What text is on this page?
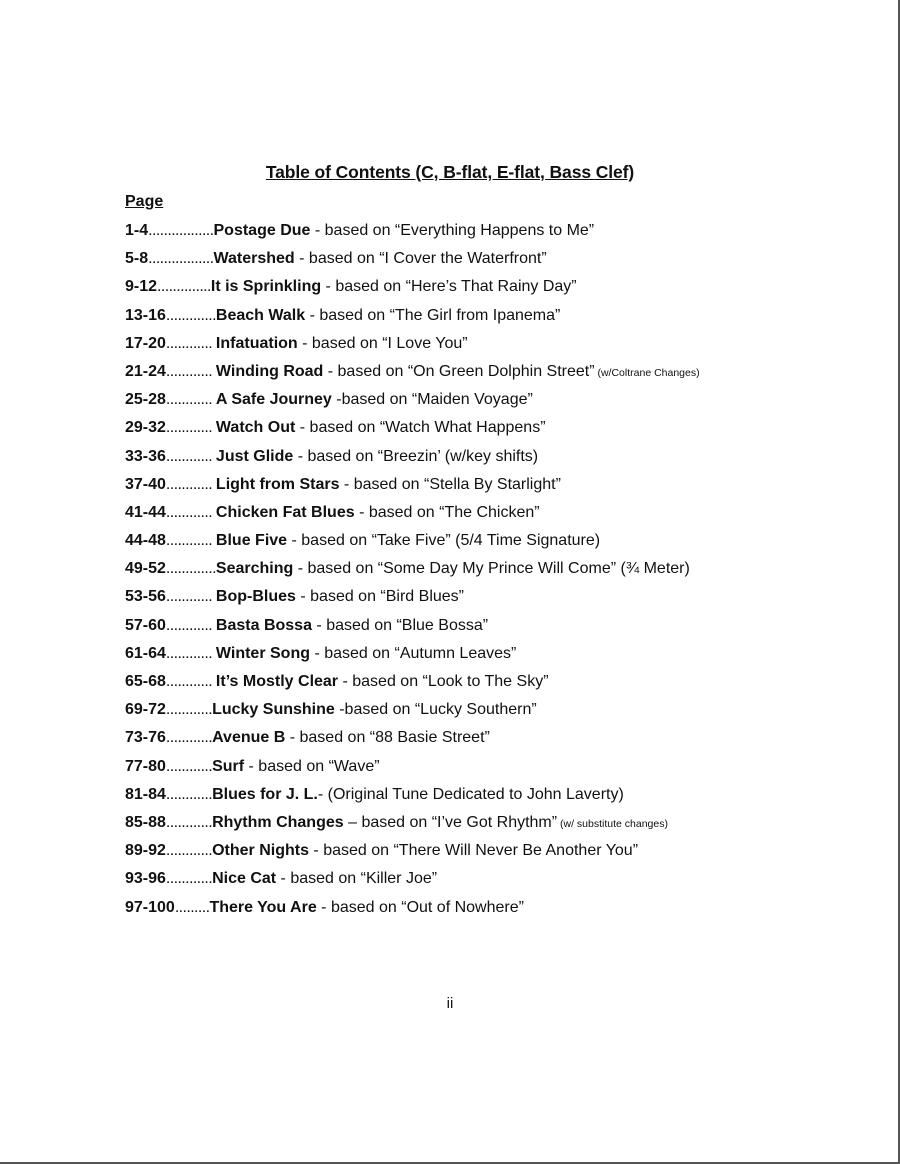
Table of Contents (C, B-flat, E-flat, Bass Clef)
Page
1-4.................Postage Due - based on “Everything Happens to Me”
5-8.................Watershed - based on “I Cover the Waterfront”
9-12..............It is Sprinkling - based on “Here’s That Rainy Day”
13-16.............Beach Walk - based on “The Girl from Ipanema”
17-20............ Infatuation - based on “I Love You”
21-24............ Winding Road - based on “On Green Dolphin Street” (w/Coltrane Changes)
25-28............ A Safe Journey -based on “Maiden Voyage”
29-32............ Watch Out - based on “Watch What Happens”
33-36............ Just Glide - based on “Breezin’ (w/key shifts)
37-40............ Light from Stars - based on “Stella By Starlight”
41-44............ Chicken Fat Blues - based on “The Chicken”
44-48............ Blue Five - based on “Take Five” (5/4 Time Signature)
49-52.............Searching - based on “Some Day My Prince Will Come” (¾ Meter)
53-56............ Bop-Blues - based on “Bird Blues”
57-60............ Basta Bossa - based on “Blue Bossa”
61-64............ Winter Song - based on “Autumn Leaves”
65-68............ It’s Mostly Clear - based on “Look to The Sky”
69-72............Lucky Sunshine -based on “Lucky Southern”
73-76............Avenue B - based on “88 Basie Street”
77-80............Surf - based on “Wave”
81-84............Blues for J. L.- (Original Tune Dedicated to John Laverty)
85-88............Rhythm Changes – based on “I’ve Got Rhythm” (w/ substitute changes)
89-92............Other Nights - based on “There Will Never Be Another You”
93-96............Nice Cat - based on “Killer Joe”
97-100.........There You Are - based on “Out of Nowhere”
ii
